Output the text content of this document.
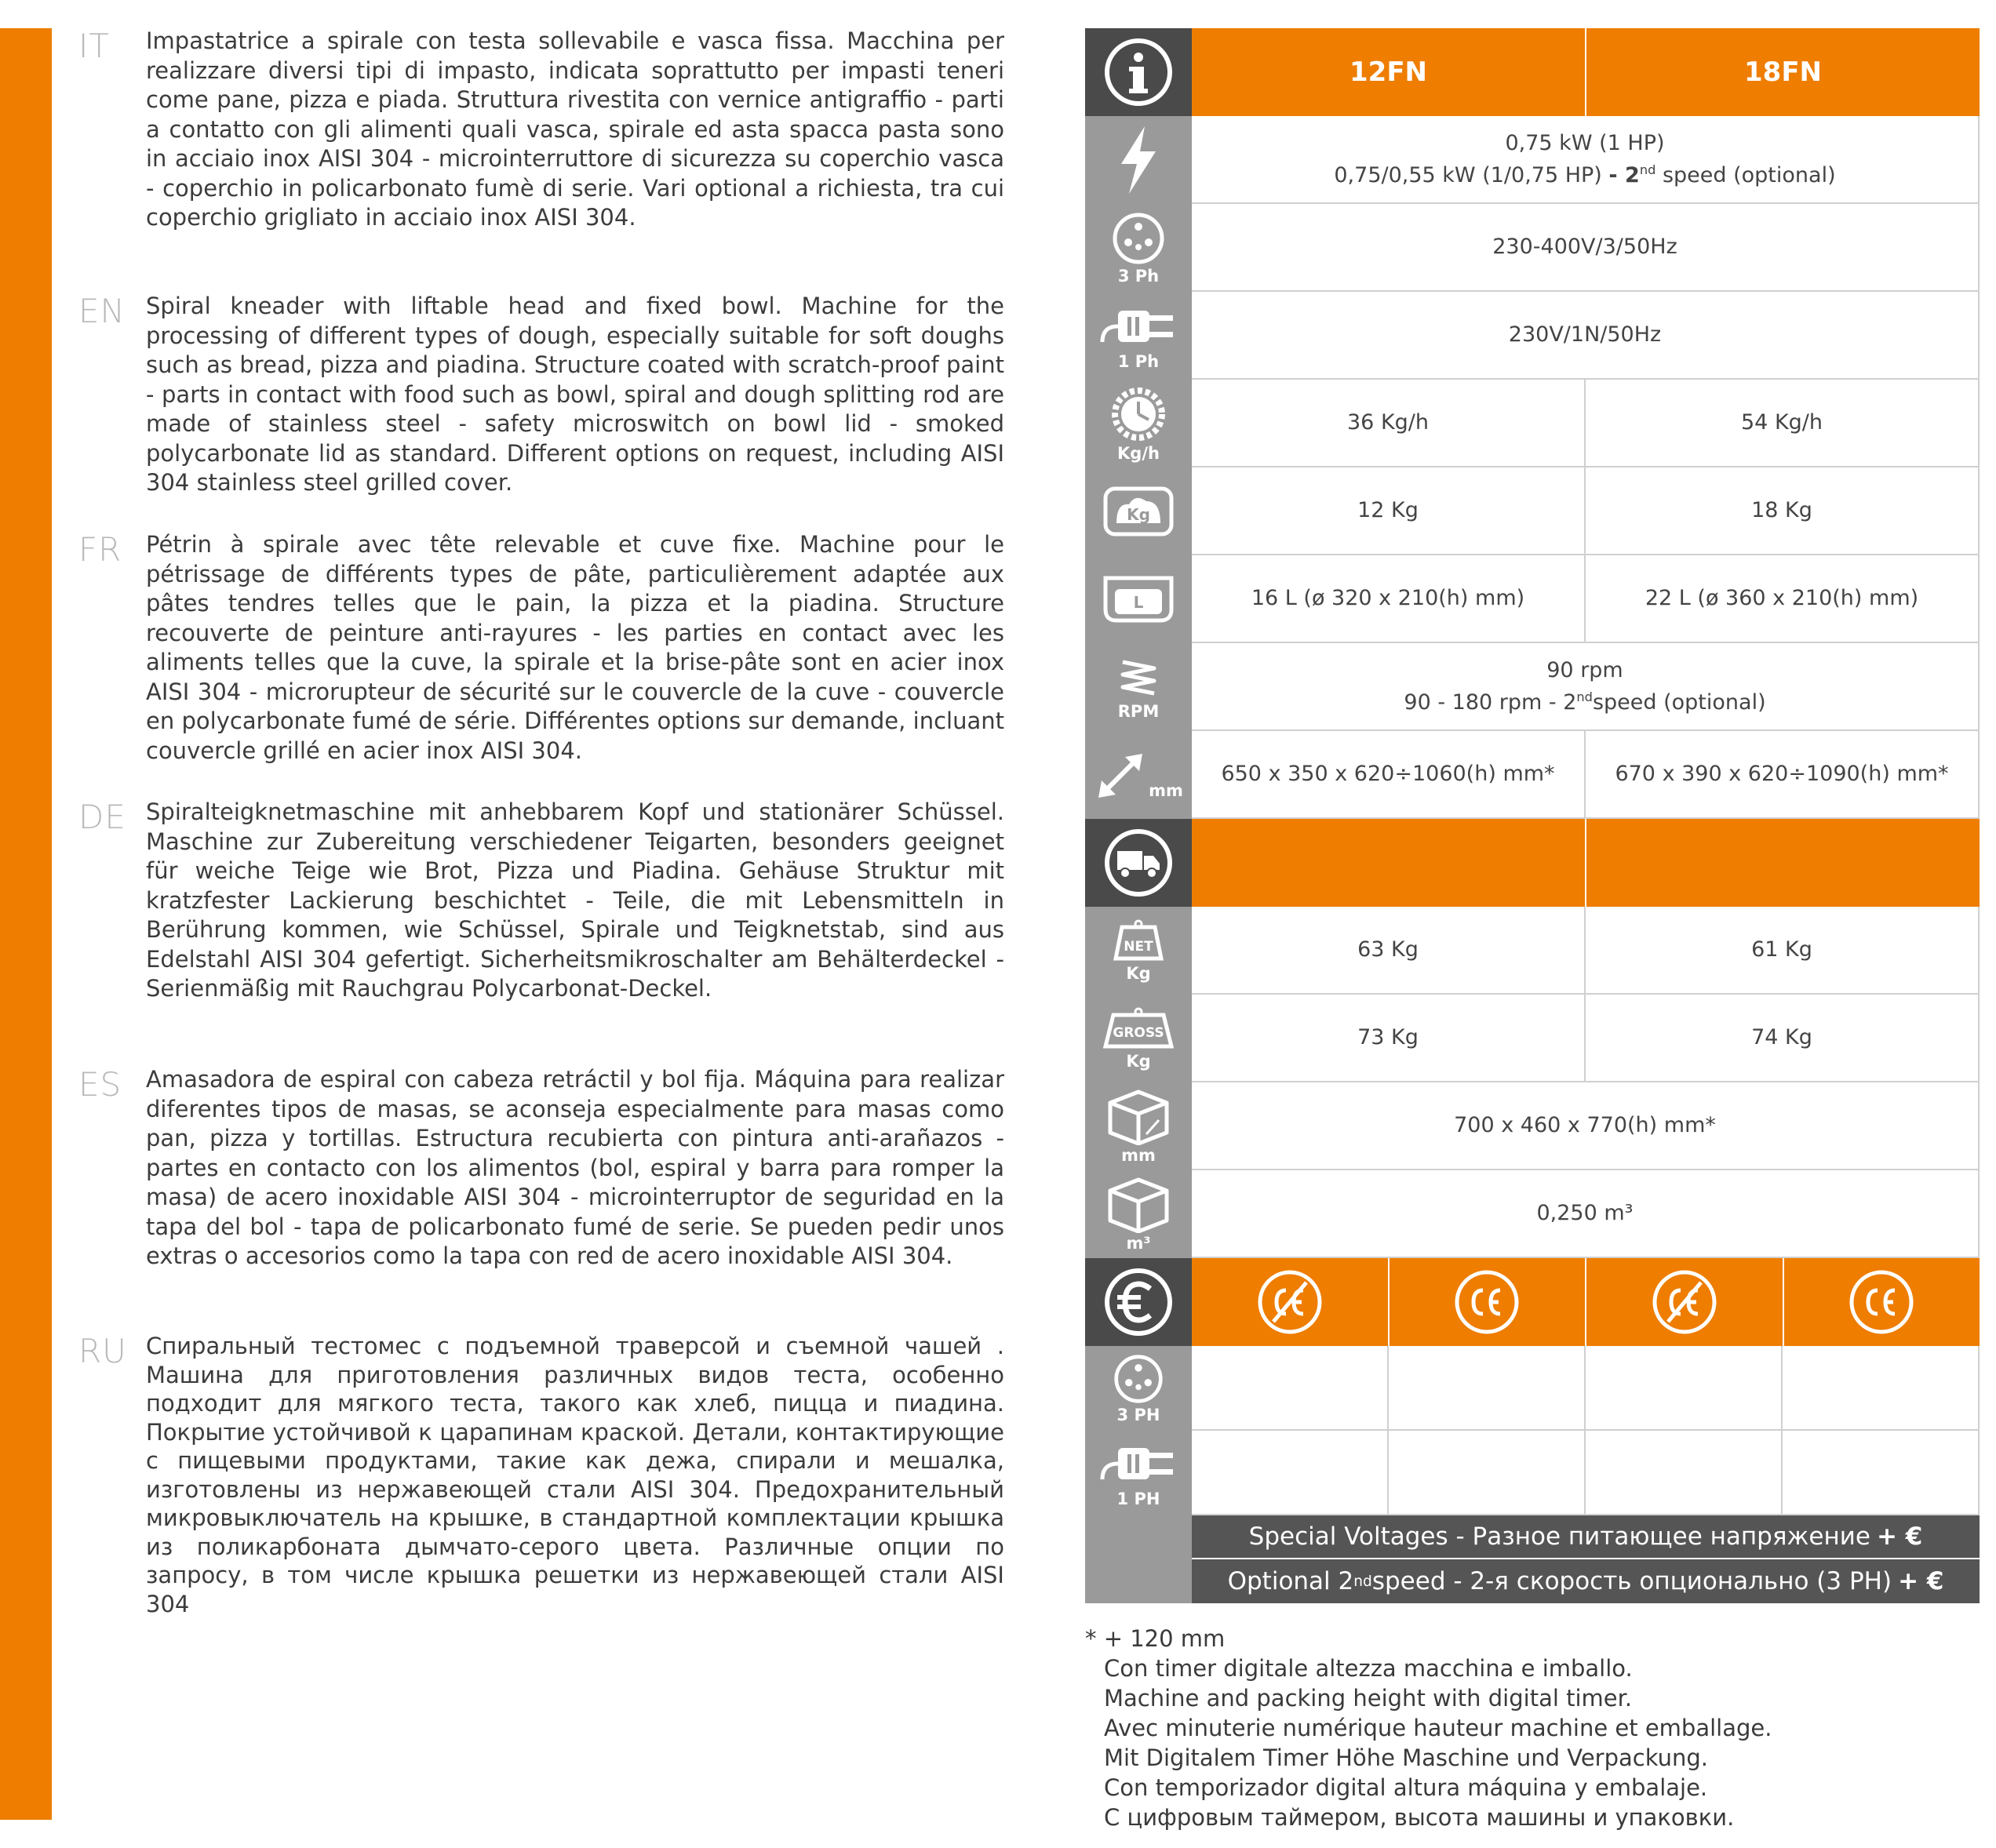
IT Impastatrice a spirale con testa sollevabile e vasca fissa. Macchina per realizzare diversi tipi di impasto, indicata soprattutto per impasti teneri come pane, pizza e piada. Struttura rivestita con vernice antigraffio - parti a contatto con gli alimenti quali vasca, spirale ed asta spacca pasta sono in acciaio inox AISI 304 - microinterruttore di sicurezza su coperchio vasca - coperchio in policarbonato fumè di serie. Vari optional a richiesta, tra cui coperchio grigliato in acciaio inox AISI 304.
EN Spiral kneader with liftable head and fixed bowl. Machine for the processing of different types of dough, especially suitable for soft doughs such as bread, pizza and piadina. Structure coated with scratch-proof paint - parts in contact with food such as bowl, spiral and dough splitting rod are made of stainless steel - safety microswitch on bowl lid - smoked polycarbonate lid as standard. Different options on request, including AISI 304 stainless steel grilled cover.
FR Pétrin à spirale avec tête relevable et cuve fixe. Machine pour le pétrissage de différents types de pâte, particulièrement adaptée aux pâtes tendres telles que le pain, la pizza et la piadina. Structure recouverte de peinture anti-rayures - les parties en contact avec les aliments telles que la cuve, la spirale et la brise-pâte sont en acier inox AISI 304 - microrupteur de sécurité sur le couvercle de la cuve - couvercle en polycarbonate fumé de série. Différentes options sur demande, incluant couvercle grillé en acier inox AISI 304.
DE Spiralteigknetmaschine mit anhebbarem Kopf und stationärer Schüssel. Maschine zur Zubereitung verschiedener Teigarten, besonders geeignet für weiche Teige wie Brot, Pizza und Piadina. Gehäuse Struktur mit kratzfester Lackierung beschichtet - Teile, die mit Lebensmitteln in Berührung kommen, wie Schüssel, Spirale und Teigknetstab, sind aus Edelstahl AISI 304 gefertigt. Sicherheitsmikroschalter am Behälterdeckel - Serienmäßig mit Rauchgrau Polycarbonat-Deckel.
ES Amasadora de espiral con cabeza retráctil y bol fija. Máquina para realizar diferentes tipos de masas, se aconseja especialmente para masas como pan, pizza y tortillas. Estructura recubierta con pintura anti-arañazos - partes en contacto con los alimentos (bol, espiral y barra para romper la masa) de acero inoxidable AISI 304 - microinterruptor de seguridad en la tapa del bol - tapa de policarbonato fumé de serie. Se pueden pedir unos extras o accesorios como la tapa con red de acero inoxidable AISI 304.
RU Спиральный тестомес с подъемной траверсой и съемной чашей . Машина для приготовления различных видов теста, особенно подходит для мягкого теста, такого как хлеб, пицца и пиадина. Покрытие устойчивой к царапинам краской. Детали, контактирующие с пищевыми продуктами, такие как дежа, спирали и мешалка, изготовлены из нержавеющей стали AISI 304. Предохранительный микровыключатель на крышке, в стандартной комплектации крышка из поликарбоната дымчато-серого цвета. Различные опции по запросу, в том числе крышка решетки из нержавеющей стали AISI 304
12FN	18FN
0,75 kW (1 HP)
0,75/0,55 kW (1/0,75 HP) - 2nd speed (optional)
3 Ph
230-400V/3/50Hz
1 Ph
230V/1N/50Hz
Kg/h
36 Kg/h	54 Kg/h
Kg	12 Kg	18 Kg
L	16 L (ø 320 x 210(h) mm)	22 L (ø 360 x 210(h) mm)
RPM
90 rpm
90 - 180 rpm - 2ndspeed (optional)
mm
650 x 350 x 620÷1060(h) mm*	670 x 390 x 620÷1090(h) mm*
NET
Kg
63 Kg	61 Kg
GROSS
Kg
73 Kg	74 Kg
mm
700 x 460 x 770(h) mm*
m³
0,250 m³
3 PH
1 PH
Special Voltages - Разное питающее напряжение + €
Optional 2 nd speed - 2-я скорость опционально (3 PH) + €
* + 120 mm
Con timer digitale altezza macchina e imballo.
Machine and packing height with digital timer.
Avec minuterie numérique hauteur machine et emballage.
Mit Digitalem Timer Höhe Maschine und Verpackung.
Con temporizador digital altura máquina y embalaje.
С цифровым таймером, высота машины и упаковки.
